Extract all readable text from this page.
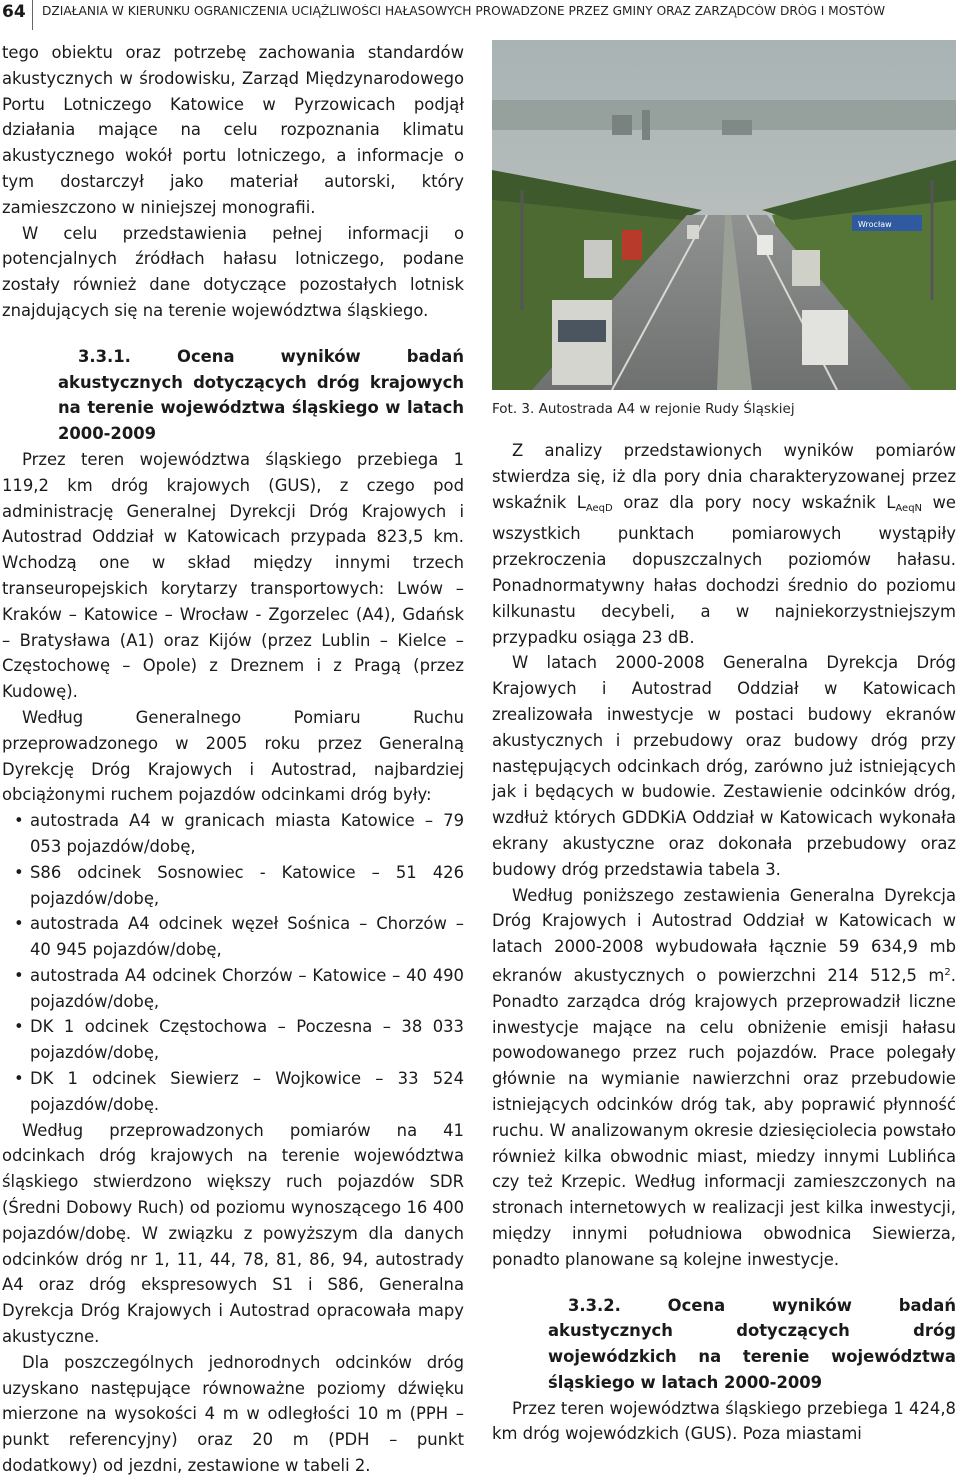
64 DZIAŁANIA W KIERUNKU OGRANICZENIA UCIĄŻLIWOŚCI HAŁASOWYCH PROWADZONE PRZEZ GMINY ORAZ ZARZĄDCÓW DRÓG I MOSTÓW

tego obiektu oraz potrzebę zachowania standardów akustycznych w środowisku, Zarząd Międzynarodowego Portu Lotniczego Katowice w Pyrzowicach podjął działania mające na celu rozpoznania klimatu akustycznego wokół portu lotniczego, a informacje o tym dostarczył jako materiał autorski, który zamieszczono w niniejszej monografii.

W celu przedstawienia pełnej informacji o potencjalnych źródłach hałasu lotniczego, podane zostały również dane dotyczące pozostałych lotnisk znajdujących się na terenie województwa śląskiego.

3.3.1. Ocena wyników badań akustycznych dotyczących dróg krajowych na terenie województwa śląskiego w latach 2000-2009

Przez teren województwa śląskiego przebiega 1 119,2 km dróg krajowych (GUS), z czego pod administrację Generalnej Dyrekcji Dróg Krajowych i Autostrad Oddział w Katowicach przypada 823,5 km. Wchodzą one w skład między innymi trzech transeuropejskich korytarzy transportowych: Lwów – Kraków – Katowice – Wrocław - Zgorzelec (A4), Gdańsk – Bratysława (A1) oraz Kijów (przez Lublin – Kielce – Częstochowę – Opole) z Dreznem i z Pragą (przez Kudowę).

Według Generalnego Pomiaru Ruchu przeprowadzonego w 2005 roku przez Generalną Dyrekcję Dróg Krajowych i Autostrad, najbardziej obciążonymi ruchem pojazdów odcinkami dróg były:

• autostrada A4 w granicach miasta Katowice – 79 053 pojazdów/dobę,
• S86 odcinek Sosnowiec - Katowice – 51 426 pojazdów/dobę,
• autostrada A4 odcinek węzeł Sośnica – Chorzów – 40 945 pojazdów/dobę,
• autostrada A4 odcinek Chorzów – Katowice – 40 490 pojazdów/dobę,
• DK 1 odcinek Częstochowa – Poczesna – 38 033 pojazdów/dobę,
• DK 1 odcinek Siewierz – Wojkowice – 33 524 pojazdów/dobę.

Według przeprowadzonych pomiarów na 41 odcinkach dróg krajowych na terenie województwa śląskiego stwierdzono większy ruch pojazdów SDR (Średni Dobowy Ruch) od poziomu wynoszącego 16 400 pojazdów/dobę. W związku z powyższym dla danych odcinków dróg nr 1, 11, 44, 78, 81, 86, 94, autostrady A4 oraz dróg ekspresowych S1 i S86, Generalna Dyrekcja Dróg Krajowych i Autostrad opracowała mapy akustyczne.

Dla poszczególnych jednorodnych odcinków dróg uzyskano następujące równoważne poziomy dźwięku mierzone na wysokości 4 m w odległości 10 m (PPH – punkt referencyjny) oraz 20 m (PDH – punkt dodatkowy) od jezdni, zestawione w tabeli 2.

Wrocław
Fot. 3. Autostrada A4 w rejonie Rudy Śląskiej

Z analizy przedstawionych wyników pomiarów stwierdza się, iż dla pory dnia charakteryzowanej przez wskaźnik $L_{AeqD}$ oraz dla pory nocy wskaźnik $L_{AeqN}$ we wszystkich punktach pomiarowych wystąpiły przekroczenia dopuszczalnych poziomów hałasu. Ponadnormatywny hałas dochodzi średnio do poziomu kilkunastu decybeli, a w najniekorzystniejszym przypadku osiąga 23 dB.

W latach 2000-2008 Generalna Dyrekcja Dróg Krajowych i Autostrad Oddział w Katowicach zrealizowała inwestycje w postaci budowy ekranów akustycznych i przebudowy oraz budowy dróg przy następujących odcinkach dróg, zarówno już istniejących jak i będących w budowie. Zestawienie odcinków dróg, wzdłuż których GDDKiA Oddział w Katowicach wykonała ekrany akustyczne oraz dokonała przebudowy oraz budowy dróg przedstawia tabela 3.

Według poniższego zestawienia Generalna Dyrekcja Dróg Krajowych i Autostrad Oddział w Katowicach w latach 2000-2008 wybudowała łącznie 59 634,9 mb ekranów akustycznych o powierzchni 214 512,5 $m^2$. Ponadto zarządca dróg krajowych przeprowadził liczne inwestycje mające na celu obniżenie emisji hałasu powodowanego przez ruch pojazdów. Prace polegały głównie na wymianie nawierzchni oraz przebudowie istniejących odcinków dróg tak, aby poprawić płynność ruchu. W analizowanym okresie dziesięciolecia powstało również kilka obwodnic miast, miedzy innymi Lublińca czy też Krzepic. Według informacji zamieszczonych na stronach internetowych w realizacji jest kilka inwestycji, między innymi południowa obwodnica Siewierza, ponadto planowane są kolejne inwestycje.

3.3.2. Ocena wyników badań akustycznych dotyczących dróg wojewódzkich na terenie województwa śląskiego w latach 2000-2009

Przez teren województwa śląskiego przebiega 1 424,8 km dróg wojewódzkich (GUS). Poza miastami
